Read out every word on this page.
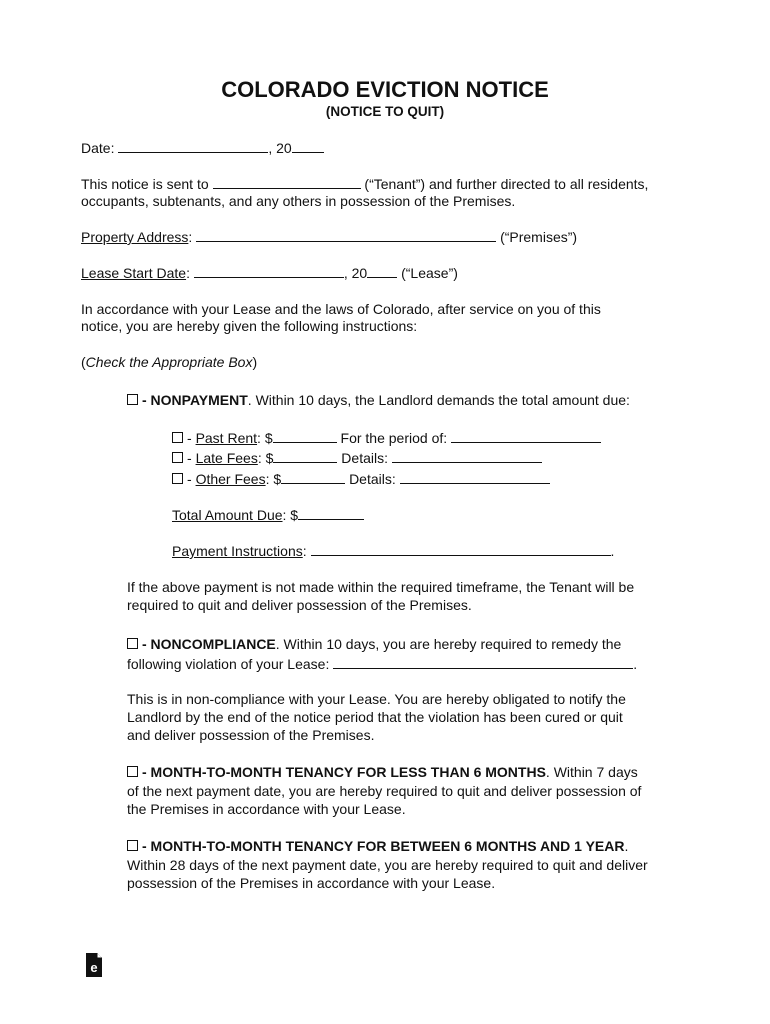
COLORADO EVICTION NOTICE
(NOTICE TO QUIT)
Date:	, 20
This notice is sent to	(“Tenant”) and further directed to all residents,
occupants, subtenants, and any others in possession of the Premises.
Property Address:	(“Premises”)
Lease Start Date:	, 20 (“Lease”)
In accordance with your Lease and the laws of Colorado, after service on you of this
notice, you are hereby given the following instructions:
(Check the Appropriate Box)
- NONPAYMENT. Within 10 days, the Landlord demands the total amount due:
- Past Rent: $	For the period of:
- Late Fees: $	Details:
- Other Fees: $	Details:
Total Amount Due: $
Payment Instructions:	.
If the above payment is not made within the required timeframe, the Tenant will be
required to quit and deliver possession of the Premises.
- NONCOMPLIANCE. Within 10 days, you are hereby required to remedy the
following violation of your Lease:	.
This is in non-compliance with your Lease. You are hereby obligated to notify the
Landlord by the end of the notice period that the violation has been cured or quit
and deliver possession of the Premises.
- MONTH-TO-MONTH TENANCY FOR LESS THAN 6 MONTHS. Within 7 days
of the next payment date, you are hereby required to quit and deliver possession of
the Premises in accordance with your Lease.
- MONTH-TO-MONTH TENANCY FOR BETWEEN 6 MONTHS AND 1 YEAR.
Within 28 days of the next payment date, you are hereby required to quit and deliver
possession of the Premises in accordance with your Lease.
e
